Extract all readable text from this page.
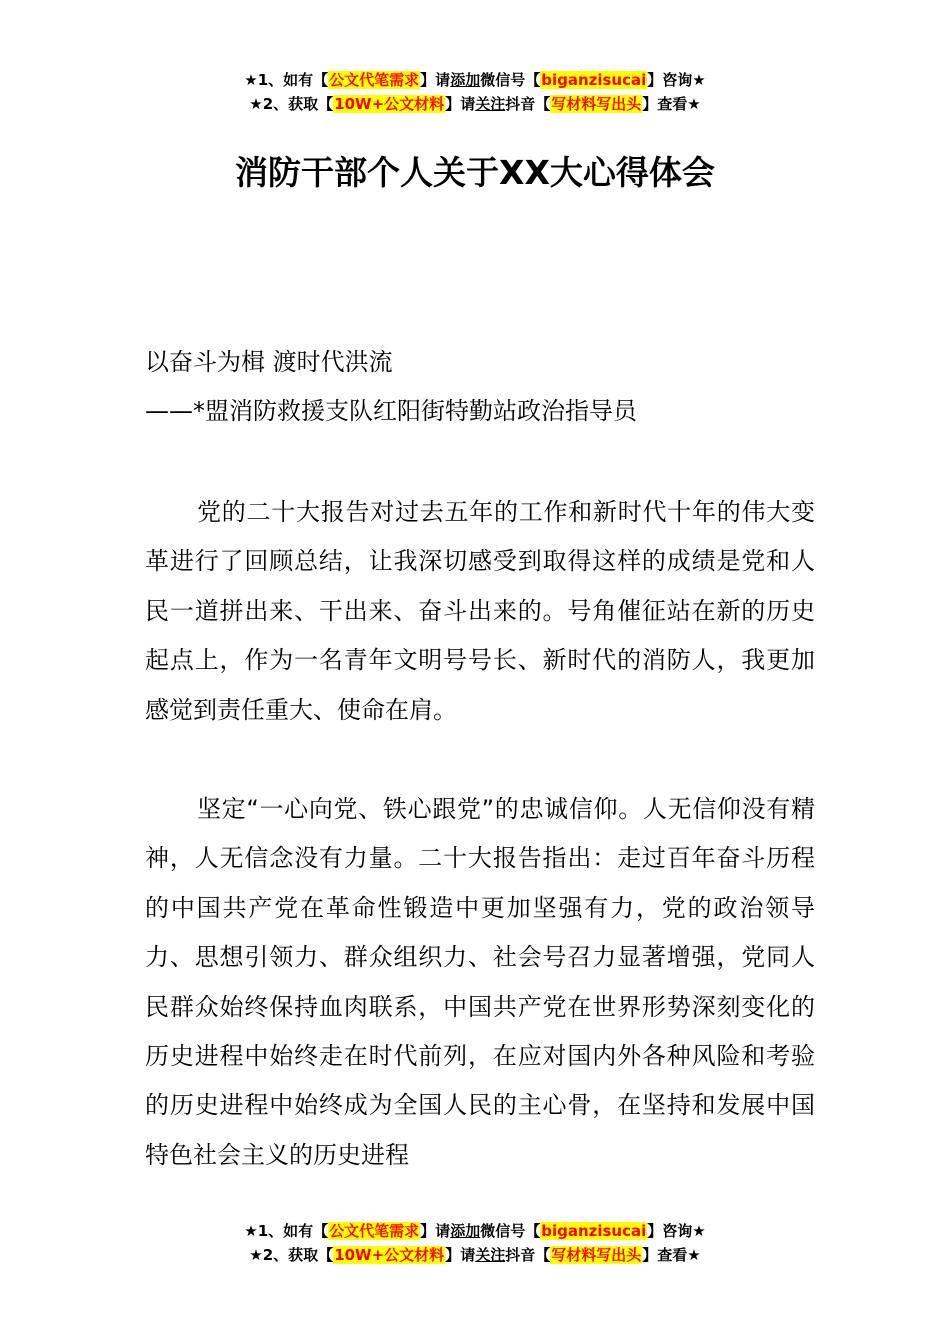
★1、如有【公文代笔需求】请添加微信号【biganzisucai】咨询★
★2、获取【10W+公文材料】请关注抖音【写材料写出头】查看★
消防干部个人关于XX大心得体会
以奋斗为楫 渡时代洪流
——*盟消防救援支队红阳街特勤站政治指导员

党的二十大报告对过去五年的工作和新时代十年的伟大变革进行了回顾总结，让我深切感受到取得这样的成绩是党和人民一道拼出来、干出来、奋斗出来的。号角催征站在新的历史起点上，作为一名青年文明号号长、新时代的消防人，我更加感觉到责任重大、使命在肩。

坚定“一心向党、铁心跟党”的忠诚信仰。人无信仰没有精神，人无信念没有力量。二十大报告指出：走过百年奋斗历程的中国共产党在革命性锻造中更加坚强有力，党的政治领导力、思想引领力、群众组织力、社会号召力显著增强，党同人民群众始终保持血肉联系，中国共产党在世界形势深刻变化的历史进程中始终走在时代前列，在应对国内外各种风险和考验的历史进程中始终成为全国人民的主心骨，在坚持和发展中国特色社会主义的历史进程

★1、如有【公文代笔需求】请添加微信号【biganzisucai】咨询★
★2、获取【10W+公文材料】请关注抖音【写材料写出头】查看★
